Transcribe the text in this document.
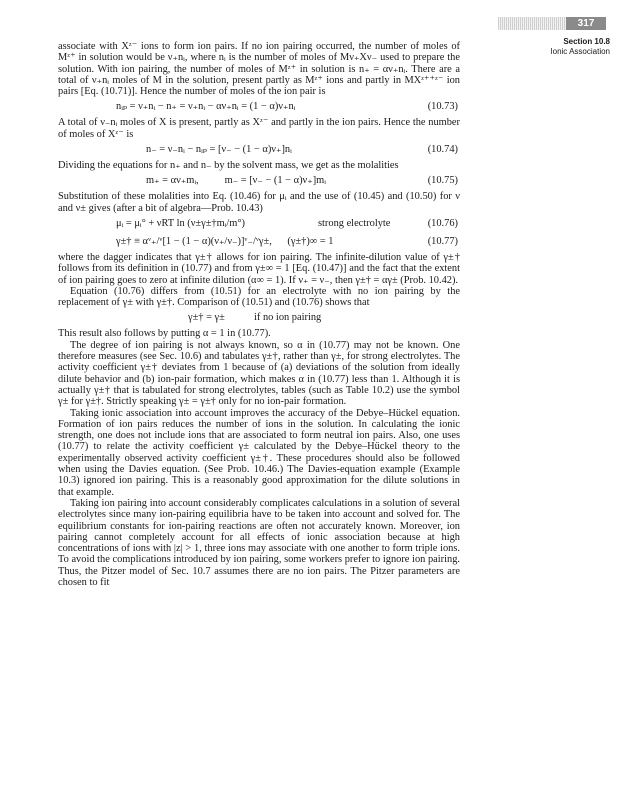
317
Section 10.8
Ionic Association

associate with Xᶻ⁻ ions to form ion pairs. If no ion pairing occurred, the number of moles of Mᶻ⁺ in solution would be ν₊nᵢ, where nᵢ is the number of moles of Mν₊Xν₋ used to prepare the solution. With ion pairing, the number of moles of Mᶻ⁺ in solution is n₊ = αν₊nᵢ. There are a total of ν₊nᵢ moles of M in the solution, present partly as Mᶻ⁺ ions and partly in MXᶻ⁺⁺ᶻ⁻ ion pairs [Eq. (10.71)]. Hence the number of moles of the ion pair is

nᵢₚ = ν₊nᵢ − n₊ = ν₊nᵢ − αν₊nᵢ = (1 − α)ν₊nᵢ	(10.73)

A total of ν₋nᵢ moles of X is present, partly as Xᶻ⁻ and partly in the ion pairs. Hence the number of moles of Xᶻ⁻ is

n₋ = ν₋nᵢ − nᵢₚ = [ν₋ − (1 − α)ν₊]nᵢ	(10.74)

Dividing the equations for n₊ and n₋ by the solvent mass, we get as the molalities

m₊ = αν₊mᵢ,          m₋ = [ν₋ − (1 − α)ν₊]mᵢ	(10.75)

Substitution of these molalities into Eq. (10.46) for μᵢ and the use of (10.45) and (10.50) for ν and ν± gives (after a bit of algebra—Prob. 10.43)

μᵢ = μᵢ° + νRT ln (ν±γ±†mᵢ/m°)	strong electrolyte	(10.76)
γ±† ≡ αᵛ₊/ᵛ[1 − (1 − α)(ν₊/ν₋)]ᵛ₋/ᵛγ±,      (γ±†)∞ = 1	(10.77)

where the dagger indicates that γ±† allows for ion pairing. The infinite-dilution value of γ±† follows from its definition in (10.77) and from γ±∞ = 1 [Eq. (10.47)] and the fact that the extent of ion pairing goes to zero at infinite dilution (α∞ = 1). If ν₊ = ν₋, then γ±† = αγ± (Prob. 10.42).

Equation (10.76) differs from (10.51) for an electrolyte with no ion pairing by the replacement of γ± with γ±†. Comparison of (10.51) and (10.76) shows that

γ±† = γ±	if no ion pairing

This result also follows by putting α = 1 in (10.77).

The degree of ion pairing is not always known, so α in (10.77) may not be known. One therefore measures (see Sec. 10.6) and tabulates γ±†, rather than γ±, for strong electrolytes. The activity coefficient γ±† deviates from 1 because of (a) deviations of the solution from ideally dilute behavior and (b) ion-pair formation, which makes α in (10.77) less than 1. Although it is actually γ±† that is tabulated for strong electrolytes, tables (such as Table 10.2) use the symbol γ± for γ±†. Strictly speaking γ± = γ±† only for no ion-pair formation.

Taking ionic association into account improves the accuracy of the Debye–Hückel equation. Formation of ion pairs reduces the number of ions in the solution. In calculating the ionic strength, one does not include ions that are associated to form neutral ion pairs. Also, one uses (10.77) to relate the activity coefficient γ± calculated by the Debye–Hückel theory to the experimentally observed activity coefficient γ±†. These procedures should also be followed when using the Davies equation. (See Prob. 10.46.) The Davies-equation example (Example 10.3) ignored ion pairing. This is a reasonably good approximation for the dilute solutions in that example.

Taking ion pairing into account considerably complicates calculations in a solution of several electrolytes since many ion-pairing equilibria have to be taken into account and solved for. The equilibrium constants for ion-pairing reactions are often not accurately known. Moreover, ion pairing cannot completely account for all effects of ionic association because at high concentrations of ions with |z| > 1, three ions may associate with one another to form triple ions. To avoid the complications introduced by ion pairing, some workers prefer to ignore ion pairing. Thus, the Pitzer model of Sec. 10.7 assumes there are no ion pairs. The Pitzer parameters are chosen to fit
